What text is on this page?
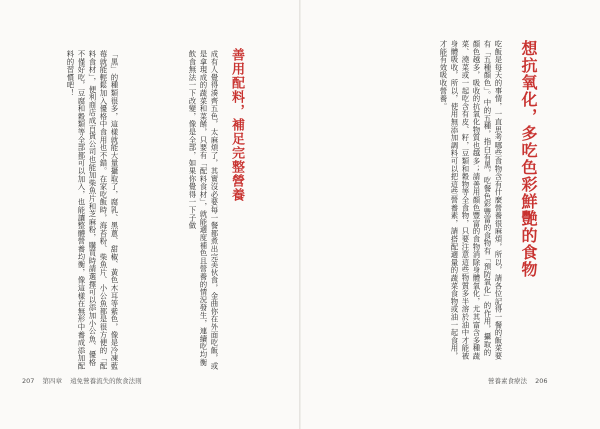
想抗氧化，多吃色彩鮮艷的食物
吃飯是每天的事情，一直思考哪些食物含有什麼營養很麻煩，所以，請各位記得一餐的飯菜要有「五種顏色」。中的五種，指白有黑，吃餐色彩豐富的食物有「預防氧化」的作用，攝取的顏色越多，吸收的抗氧化物質也越多；請善用顏色豐富的食物消除身體氧化，尤其富含多種蔬菜、澆菜或一起吃含有皮、籽，豆類和穀物等全食物，只要注意這些物質多半溶於油中才能被身體吸收，所以，使用無添加調料可以把這些營養素，請搭配適量的蔬菜食物或油一起食用，才能有效吸收營養。
善用配料，補足完整營養
成有人覺得湊齊五色，太麻煩了，其實沒必要每一餐都煮出完美伙食，金曲你在外面吃飯，或是拿現成的蔬菜和菜餚，只要有「配料食材」，就能適度補色且營養的情況發生，連續吃均衡飲食無法一下改變，像是全部，如果你覺得一下子做
「黑」的種類很多，這樣就能大量攝取了，腐乳、黑蔥、甜椒、黃色木耳等紫色，像是冷凍藍莓就能輕鬆加入優格中食用也不錯。在家吃飯時，海苔粉、柴魚片、小公魚都是很方便的「配料食材」，便利商店成百貨公司也能加柴魚片和芝麻粉，購買時請選擇可以添加小公魚、優格不僅好吃，豆腐和穀類等全部都可以加入，也能讓整體營養均衡，像這樣在無形中養成添加配料的習慣吧！
207 第四章 遠免營養流失的飲食法則	營養素食療法 206
